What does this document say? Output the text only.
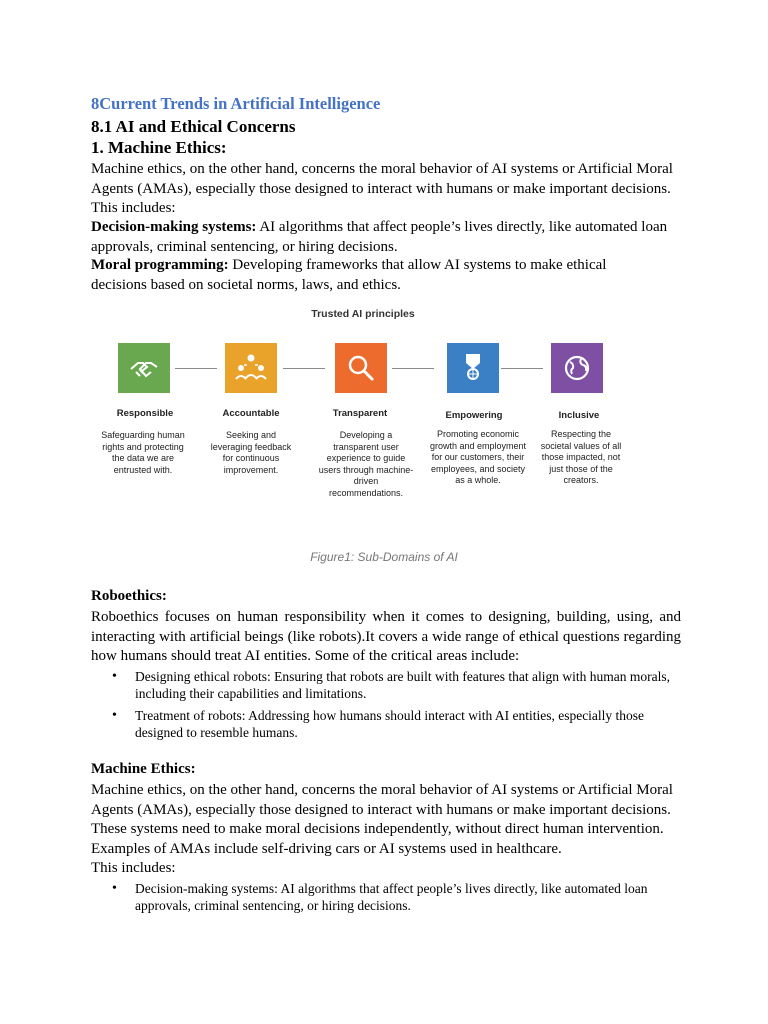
8Current Trends in Artificial Intelligence
8.1 AI and Ethical Concerns
1. Machine Ethics:
Machine ethics, on the other hand, concerns the moral behavior of AI systems or Artificial Moral Agents (AMAs), especially those designed to interact with humans or make important decisions. This includes:
Decision-making systems: AI algorithms that affect people’s lives directly, like automated loan approvals, criminal sentencing, or hiring decisions.
Moral programming: Developing frameworks that allow AI systems to make ethical decisions based on societal norms, laws, and ethics.
Trusted AI principles
Responsible	Accountable	Transparent	Empowering	Inclusive
Safeguarding human rights and protecting the data we are entrusted with.
Seeking and leveraging feedback for continuous improvement.
Developing a transparent user experience to guide users through machine-driven recommendations.
Promoting economic growth and employment for our customers, their employees, and society as a whole.
Respecting the societal values of all those impacted, not just those of the creators.
Figure1: Sub-Domains of AI
Roboethics:
Roboethics focuses on human responsibility when it comes to designing, building, using, and interacting with artificial beings (like robots).It covers a wide range of ethical questions regarding how humans should treat AI entities. Some of the critical areas include:
• Designing ethical robots: Ensuring that robots are built with features that align with human morals, including their capabilities and limitations.
• Treatment of robots: Addressing how humans should interact with AI entities, especially those designed to resemble humans.
Machine Ethics:
Machine ethics, on the other hand, concerns the moral behavior of AI systems or Artificial Moral Agents (AMAs), especially those designed to interact with humans or make important decisions. These systems need to make moral decisions independently, without direct human intervention. Examples of AMAs include self-driving cars or AI systems used in healthcare.
This includes:
• Decision-making systems: AI algorithms that affect people’s lives directly, like automated loan approvals, criminal sentencing, or hiring decisions.
